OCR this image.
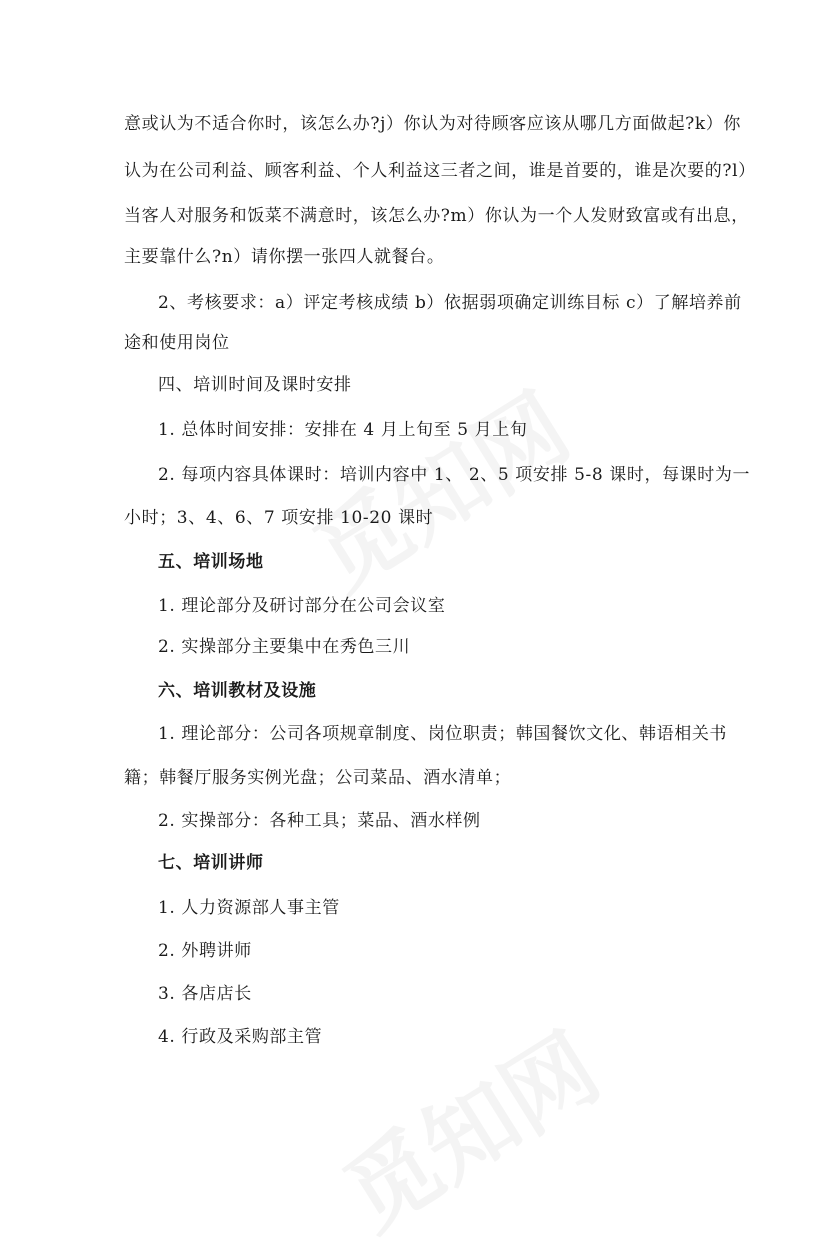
意或认为不适合你时，该怎么办?j）你认为对待顾客应该从哪几方面做起?k）你
认为在公司利益、顾客利益、个人利益这三者之间，谁是首要的，谁是次要的?l）
当客人对服务和饭菜不满意时，该怎么办?m）你认为一个人发财致富或有出息，
主要靠什么?n）请你摆一张四人就餐台。
2、考核要求：a）评定考核成绩 b）依据弱项确定训练目标 c）了解培养前
途和使用岗位
四、培训时间及课时安排
1. 总体时间安排：安排在 4 月上旬至 5 月上旬
2. 每项内容具体课时：培训内容中 1、 2、5 项安排 5-8 课时，每课时为一
小时；3、4、6、7 项安排 10-20 课时
五、培训场地
1. 理论部分及研讨部分在公司会议室
2. 实操部分主要集中在秀色三川
六、培训教材及设施
1. 理论部分：公司各项规章制度、岗位职责；韩国餐饮文化、韩语相关书
籍；韩餐厅服务实例光盘；公司菜品、酒水清单；
2. 实操部分：各种工具；菜品、酒水样例
七、培训讲师
1. 人力资源部人事主管
2. 外聘讲师
3. 各店店长
4. 行政及采购部主管
